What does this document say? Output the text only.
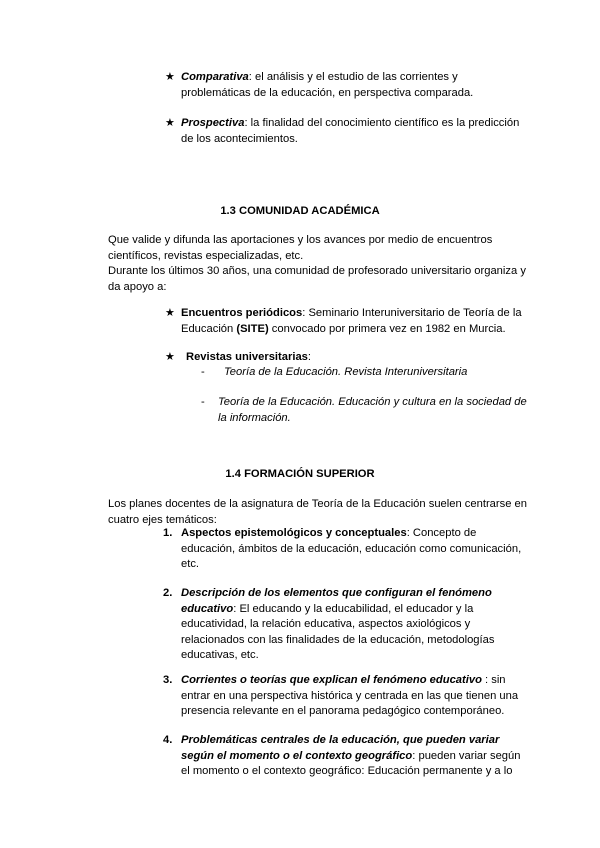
★ Comparativa: el análisis y el estudio de las corrientes y
problemáticas de la educación, en perspectiva comparada.
★ Prospectiva: la finalidad del conocimiento científico es la predicción
de los acontecimientos.
1.3 COMUNIDAD ACADÉMICA
Que valide y difunda las aportaciones y los avances por medio de encuentros
científicos, revistas especializadas, etc.
Durante los últimos 30 años, una comunidad de profesorado universitario organiza y
da apoyo a:
★ Encuentros periódicos: Seminario Interuniversitario de Teoría de la
Educación (SITE) convocado por primera vez en 1982 en Murcia.
★ Revistas universitarias:
- Teoría de la Educación. Revista Interuniversitaria
- Teoría de la Educación. Educación y cultura en la sociedad de
la información.
1.4 FORMACIÓN SUPERIOR
Los planes docentes de la asignatura de Teoría de la Educación suelen centrarse en
cuatro ejes temáticos:
1. Aspectos epistemológicos y conceptuales: Concepto de
educación, ámbitos de la educación, educación como comunicación,
etc.
2. Descripción de los elementos que configuran el fenómeno
educativo: El educando y la educabilidad, el educador y la
educatividad, la relación educativa, aspectos axiológicos y
relacionados con las finalidades de la educación, metodologías
educativas, etc.
3. Corrientes o teorías que explican el fenómeno educativo : sin
entrar en una perspectiva histórica y centrada en las que tienen una
presencia relevante en el panorama pedagógico contemporáneo.
4. Problemáticas centrales de la educación, que pueden variar
según el momento o el contexto geográfico: pueden variar según
el momento o el contexto geográfico: Educación permanente y a lo
